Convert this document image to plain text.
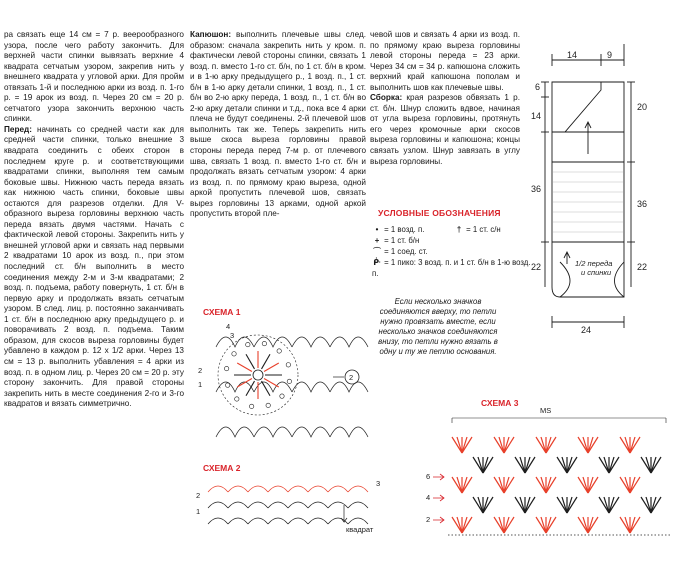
ра связать еще 14 см = 7 р. веерообразного узора, после чего работу закончить. Для верхней части спинки вывязать верхние 4 квадрата сетчатым узором, закрепив нить у внешнего квадрата у угловой арки. Для пройм отвязать 1-й и последнюю арки из возд. п. 1-го р. = 19 арок из возд. п. Через 20 см = 20 р. сетчатого узора закончить верхнюю часть спинки.

Перед: начинать со средней части как для средней части спинки, только внешние 3 квадрата соединить с обеих сторон в последнем круге р. и соответствующими квадратами спинки, выполняя тем самым боковые швы. Нижнюю часть переда вязать как нижнюю часть спинки, боковые швы остаются для разрезов отделки. Для V-образного выреза горловины верхнюю часть переда вязать двумя частями. Начать с фактической левой стороны. Закрепить нить у внешней угловой арки и связать над первыми 2 квадратами 10 арок из возд. п., при этом последний ст. б/н выполнить в место соединения между 2-м и 3-м квадратами; 2 возд. п. подъема, работу повернуть, 1 ст. б/н в первую арку и продолжать вязать сетчатым узором. В след. лиц. р. постоянно заканчивать 1 ст. б/н в последнюю арку предыдущего р. и поворачивать 2 возд. п. подъема. Таким образом, для скосов выреза горловины будет убавлено в каждом р. 12 х 1/2 арки. Через 13 см = 13 р. выполнить убавления = 4 арки из возд. п. в одном лиц. р. Через 20 см = 20 р. эту сторону закончить. Для правой стороны закрепить нить в месте соединения 2-го и 3-го квадратов и вязать симметрично.

Капюшон: выполнить плечевые швы след. образом: сначала закрепить нить у кром. п. фактически левой стороны спинки, связать 1 возд. п. вместо 1-го ст. б/н, по 1 ст. б/н в кром. и в 1-ю арку предыдущего р., 1 возд. п., 1 ст. б/н в 1-ю арку детали спинки, 1 возд. п., 1 ст. б/н во 2-ю арку переда, 1 возд. п., 1 ст. б/н во 2-ю арку детали спинки и т.д., пока все 4 арки плеча не будут соединены. 2-й плечевой шов выполнить так же. Теперь закрепить нить выше скоса выреза горловины правой стороны переда перед 7-м р. от плечевого шва, связать 1 возд. п. вместо 1-го ст. б/н и продолжать вязать сетчатым узором: 4 арки из возд. п. по прямому краю выреза, одной аркой пропустить плечевой шов, связать вырез горловины 13 арками, одной аркой пропустить второй пле-

чевой шов и связать 4 арки из возд. п. по прямому краю выреза горловины левой стороны переда = 23 арки. Через 34 см = 34 р. капюшона сложить верхний край капюшона пополам и выполнить шов как плечевые швы.

Сборка: края разрезов обвязать 1 р. ст. б/н. Шнур сложить вдвое, начиная от угла выреза горловины, протянуть его через кромочные арки скосов выреза горловины и капюшона; концы связать узлом. Шнур завязать в углу выреза горловины.

УСЛОВНЫЕ ОБОЗНАЧЕНИЯ
• = 1 возд. п.	† = 1 ст. с/н
+ = 1 ст. б/н
⌒ = 1 соед. ст.
ᑹ = 1 пико: 3 возд. п. и 1 ст. б/н в 1-ю возд. п.
Если несколько значков соединяются вверху, то петли нужно провязать вместе, если несколько значков соединяются внизу, то петли нужно вязать в одну и ту же петлю основания.
СХЕМА 1
СХЕМА 2
СХЕМА 3
4
3
2
1
2
2
1
3
квадрат
MS
6
4
2
14	9
6
14
36
22
20
36
22
24
1/2 переда
и спинки
